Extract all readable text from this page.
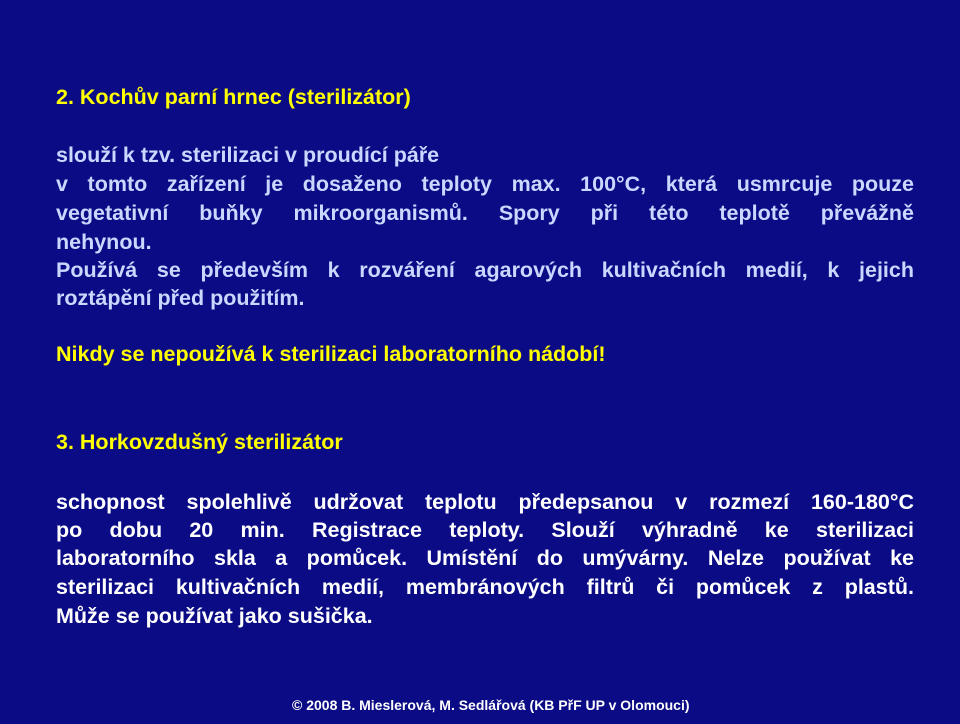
2. Kochův parní hrnec (sterilizátor)
slouží k tzv. sterilizaci v proudící páře
v tomto zařízení je dosaženo teploty max. 100°C, která usmrcuje pouze
vegetativní buňky mikroorganismů. Spory při této teplotě převážně
nehynou.
Používá se především k rozváření agarových kultivačních medií, k jejich
roztápění před použitím.
Nikdy se nepoužívá k sterilizaci laboratorního nádobí!
3. Horkovzdušný sterilizátor
schopnost spolehlivě udržovat teplotu předepsanou v rozmezí 160-180°C
po dobu 20 min. Registrace teploty. Slouží výhradně ke sterilizaci
laboratorního skla a pomůcek. Umístění do umývárny. Nelze používat ke
sterilizaci kultivačních medií, membránových filtrů či pomůcek z plastů.
Může se používat jako sušička.
© 2008 B. Mieslerová, M. Sedlářová (KB PřF UP v Olomouci)
